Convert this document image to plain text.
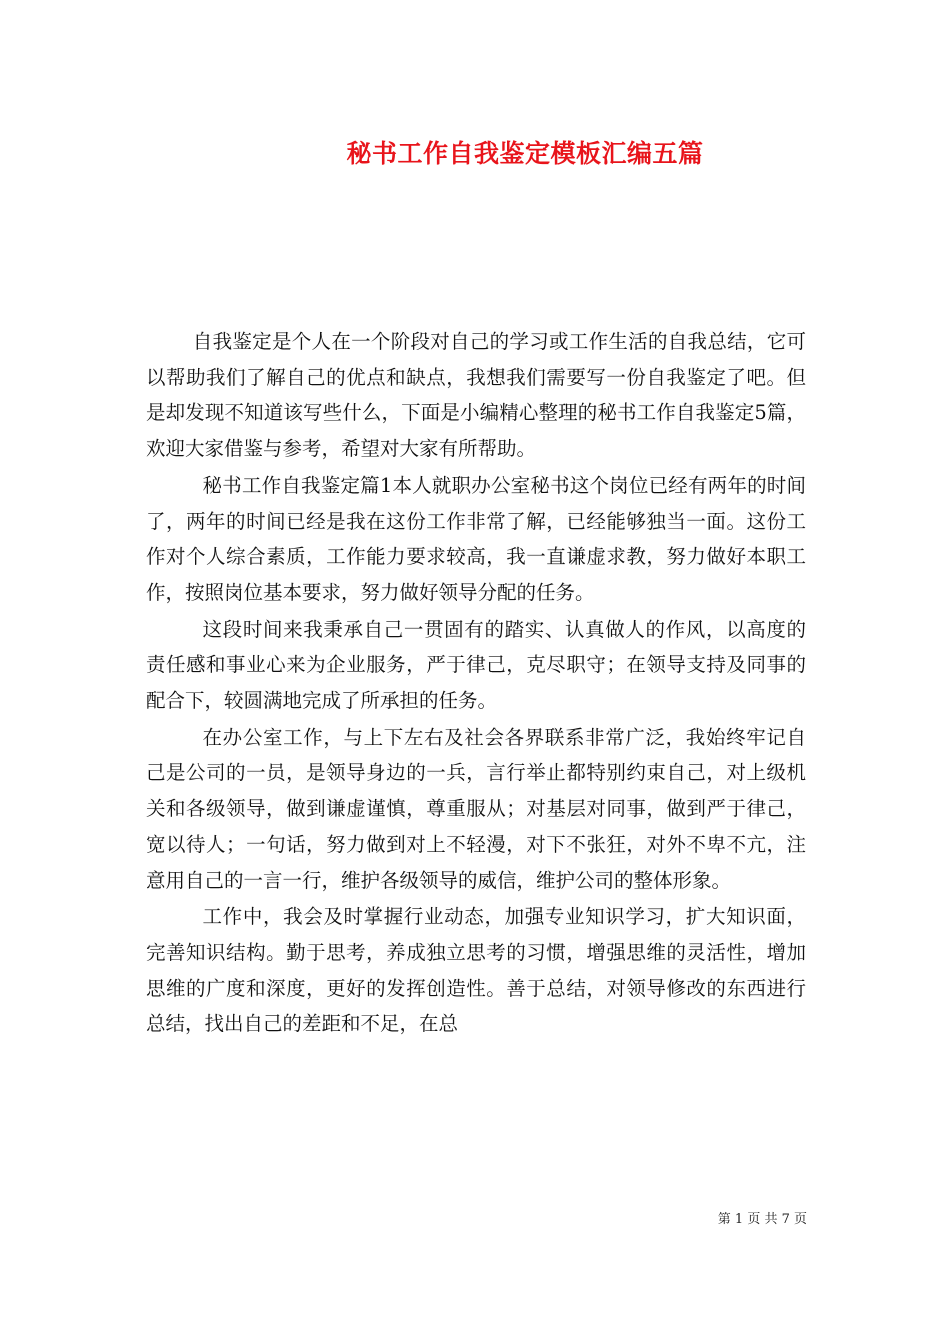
秘书工作自我鉴定模板汇编五篇

自我鉴定是个人在一个阶段对自己的学习或工作生活的自我总结，它可以帮助我们了解自己的优点和缺点，我想我们需要写一份自我鉴定了吧。但是却发现不知道该写些什么，下面是小编精心整理的秘书工作自我鉴定5篇，欢迎大家借鉴与参考，希望对大家有所帮助。

秘书工作自我鉴定篇1本人就职办公室秘书这个岗位已经有两年的时间了，两年的时间已经是我在这份工作非常了解，已经能够独当一面。这份工作对个人综合素质，工作能力要求较高，我一直谦虚求教，努力做好本职工作，按照岗位基本要求，努力做好领导分配的任务。

这段时间来我秉承自己一贯固有的踏实、认真做人的作风，以高度的责任感和事业心来为企业服务，严于律己，克尽职守；在领导支持及同事的配合下，较圆满地完成了所承担的任务。

在办公室工作，与上下左右及社会各界联系非常广泛，我始终牢记自己是公司的一员，是领导身边的一兵，言行举止都特别约束自己，对上级机关和各级领导，做到谦虚谨慎，尊重服从；对基层对同事，做到严于律己，宽以待人；一句话，努力做到对上不轻漫，对下不张狂，对外不卑不亢，注意用自己的一言一行，维护各级领导的威信，维护公司的整体形象。

工作中，我会及时掌握行业动态，加强专业知识学习，扩大知识面，完善知识结构。勤于思考，养成独立思考的习惯，增强思维的灵活性，增加思维的广度和深度，更好的发挥创造性。善于总结，对领导修改的东西进行总结，找出自己的差距和不足，在总

第 1 页 共 7 页
